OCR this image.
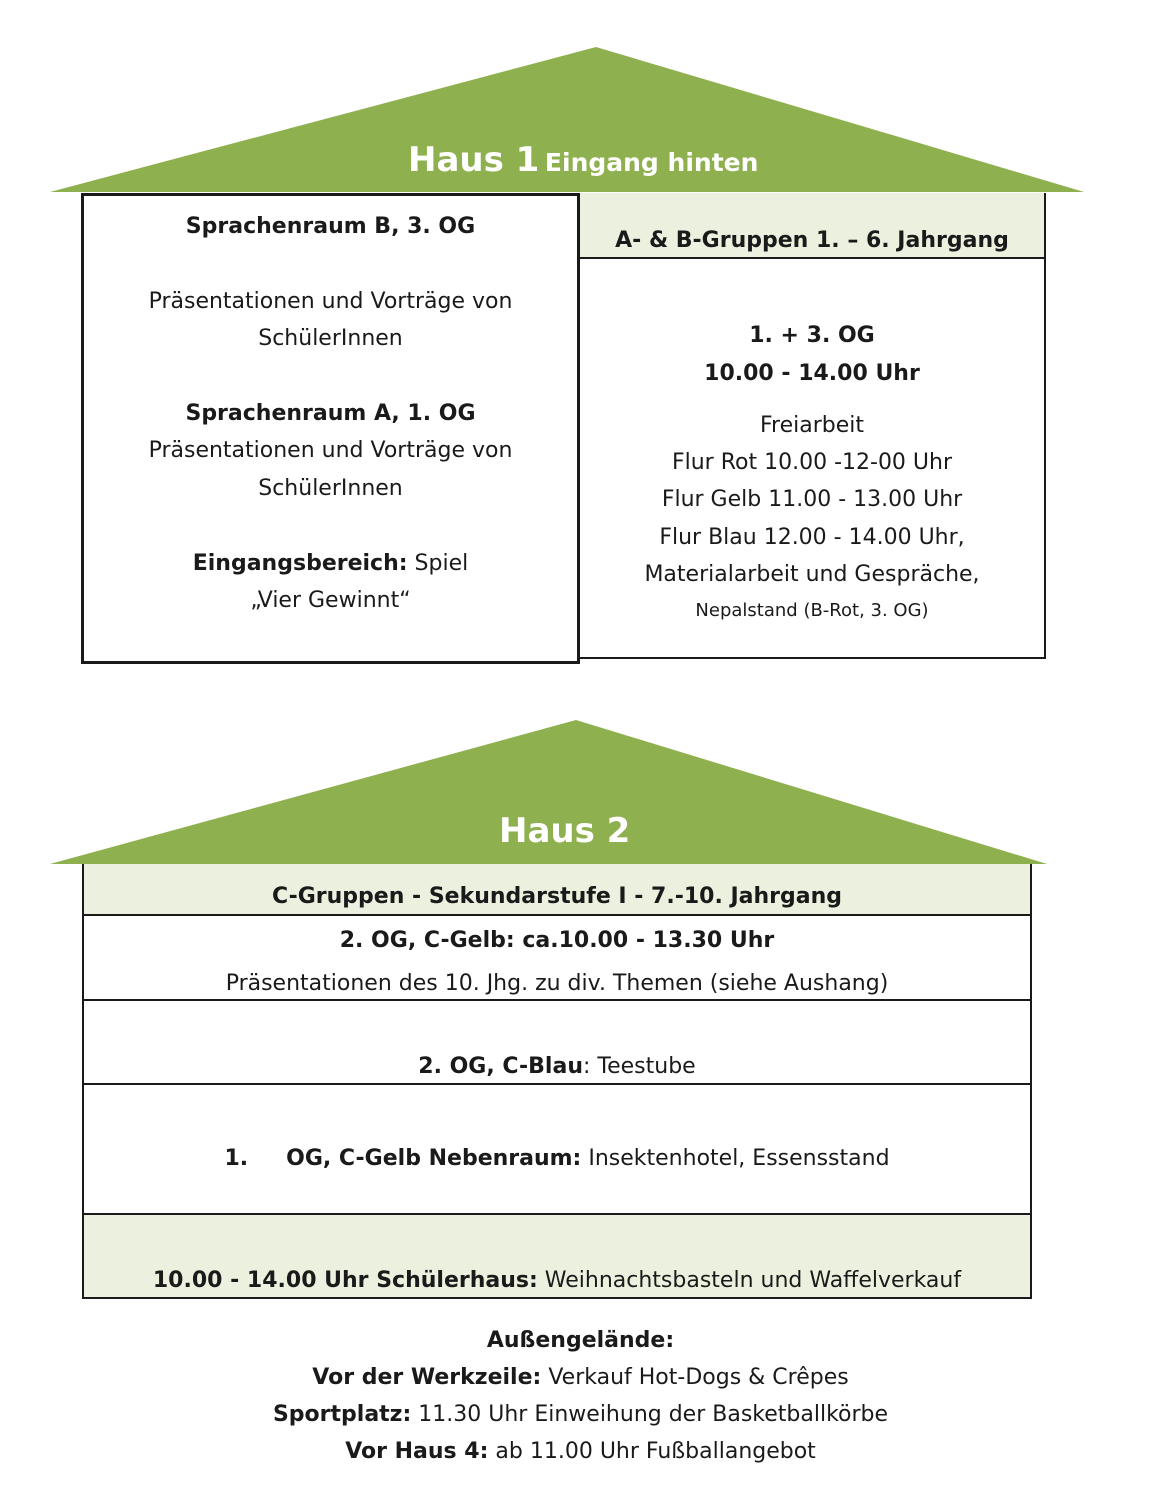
Haus 1 Eingang hinten
Sprachenraum B, 3. OG
Präsentationen und Vorträge von
SchülerInnen
Sprachenraum A, 1. OG
Präsentationen und Vorträge von
SchülerInnen
Eingangsbereich: Spiel
„Vier Gewinnt“
A- & B-Gruppen 1. – 6. Jahrgang
1. + 3. OG
10.00 - 14.00 Uhr
Freiarbeit
Flur Rot 10.00 -12-00 Uhr
Flur Gelb 11.00 - 13.00 Uhr
Flur Blau 12.00 - 14.00 Uhr,
Materialarbeit und Gespräche,
Nepalstand (B-Rot, 3. OG)
Haus 2
C-Gruppen - Sekundarstufe I - 7.-10. Jahrgang
2. OG, C-Gelb: ca.10.00 - 13.30 Uhr
Präsentationen des 10. Jhg. zu div. Themen (siehe Aushang)
2. OG, C-Blau: Teestube
1. OG, C-Gelb Nebenraum: Insektenhotel, Essensstand
10.00 - 14.00 Uhr Schülerhaus: Weihnachtsbasteln und Waffelverkauf
Außengelände:
Vor der Werkzeile: Verkauf Hot-Dogs & Crêpes
Sportplatz: 11.30 Uhr Einweihung der Basketballkörbe
Vor Haus 4: ab 11.00 Uhr Fußballangebot
